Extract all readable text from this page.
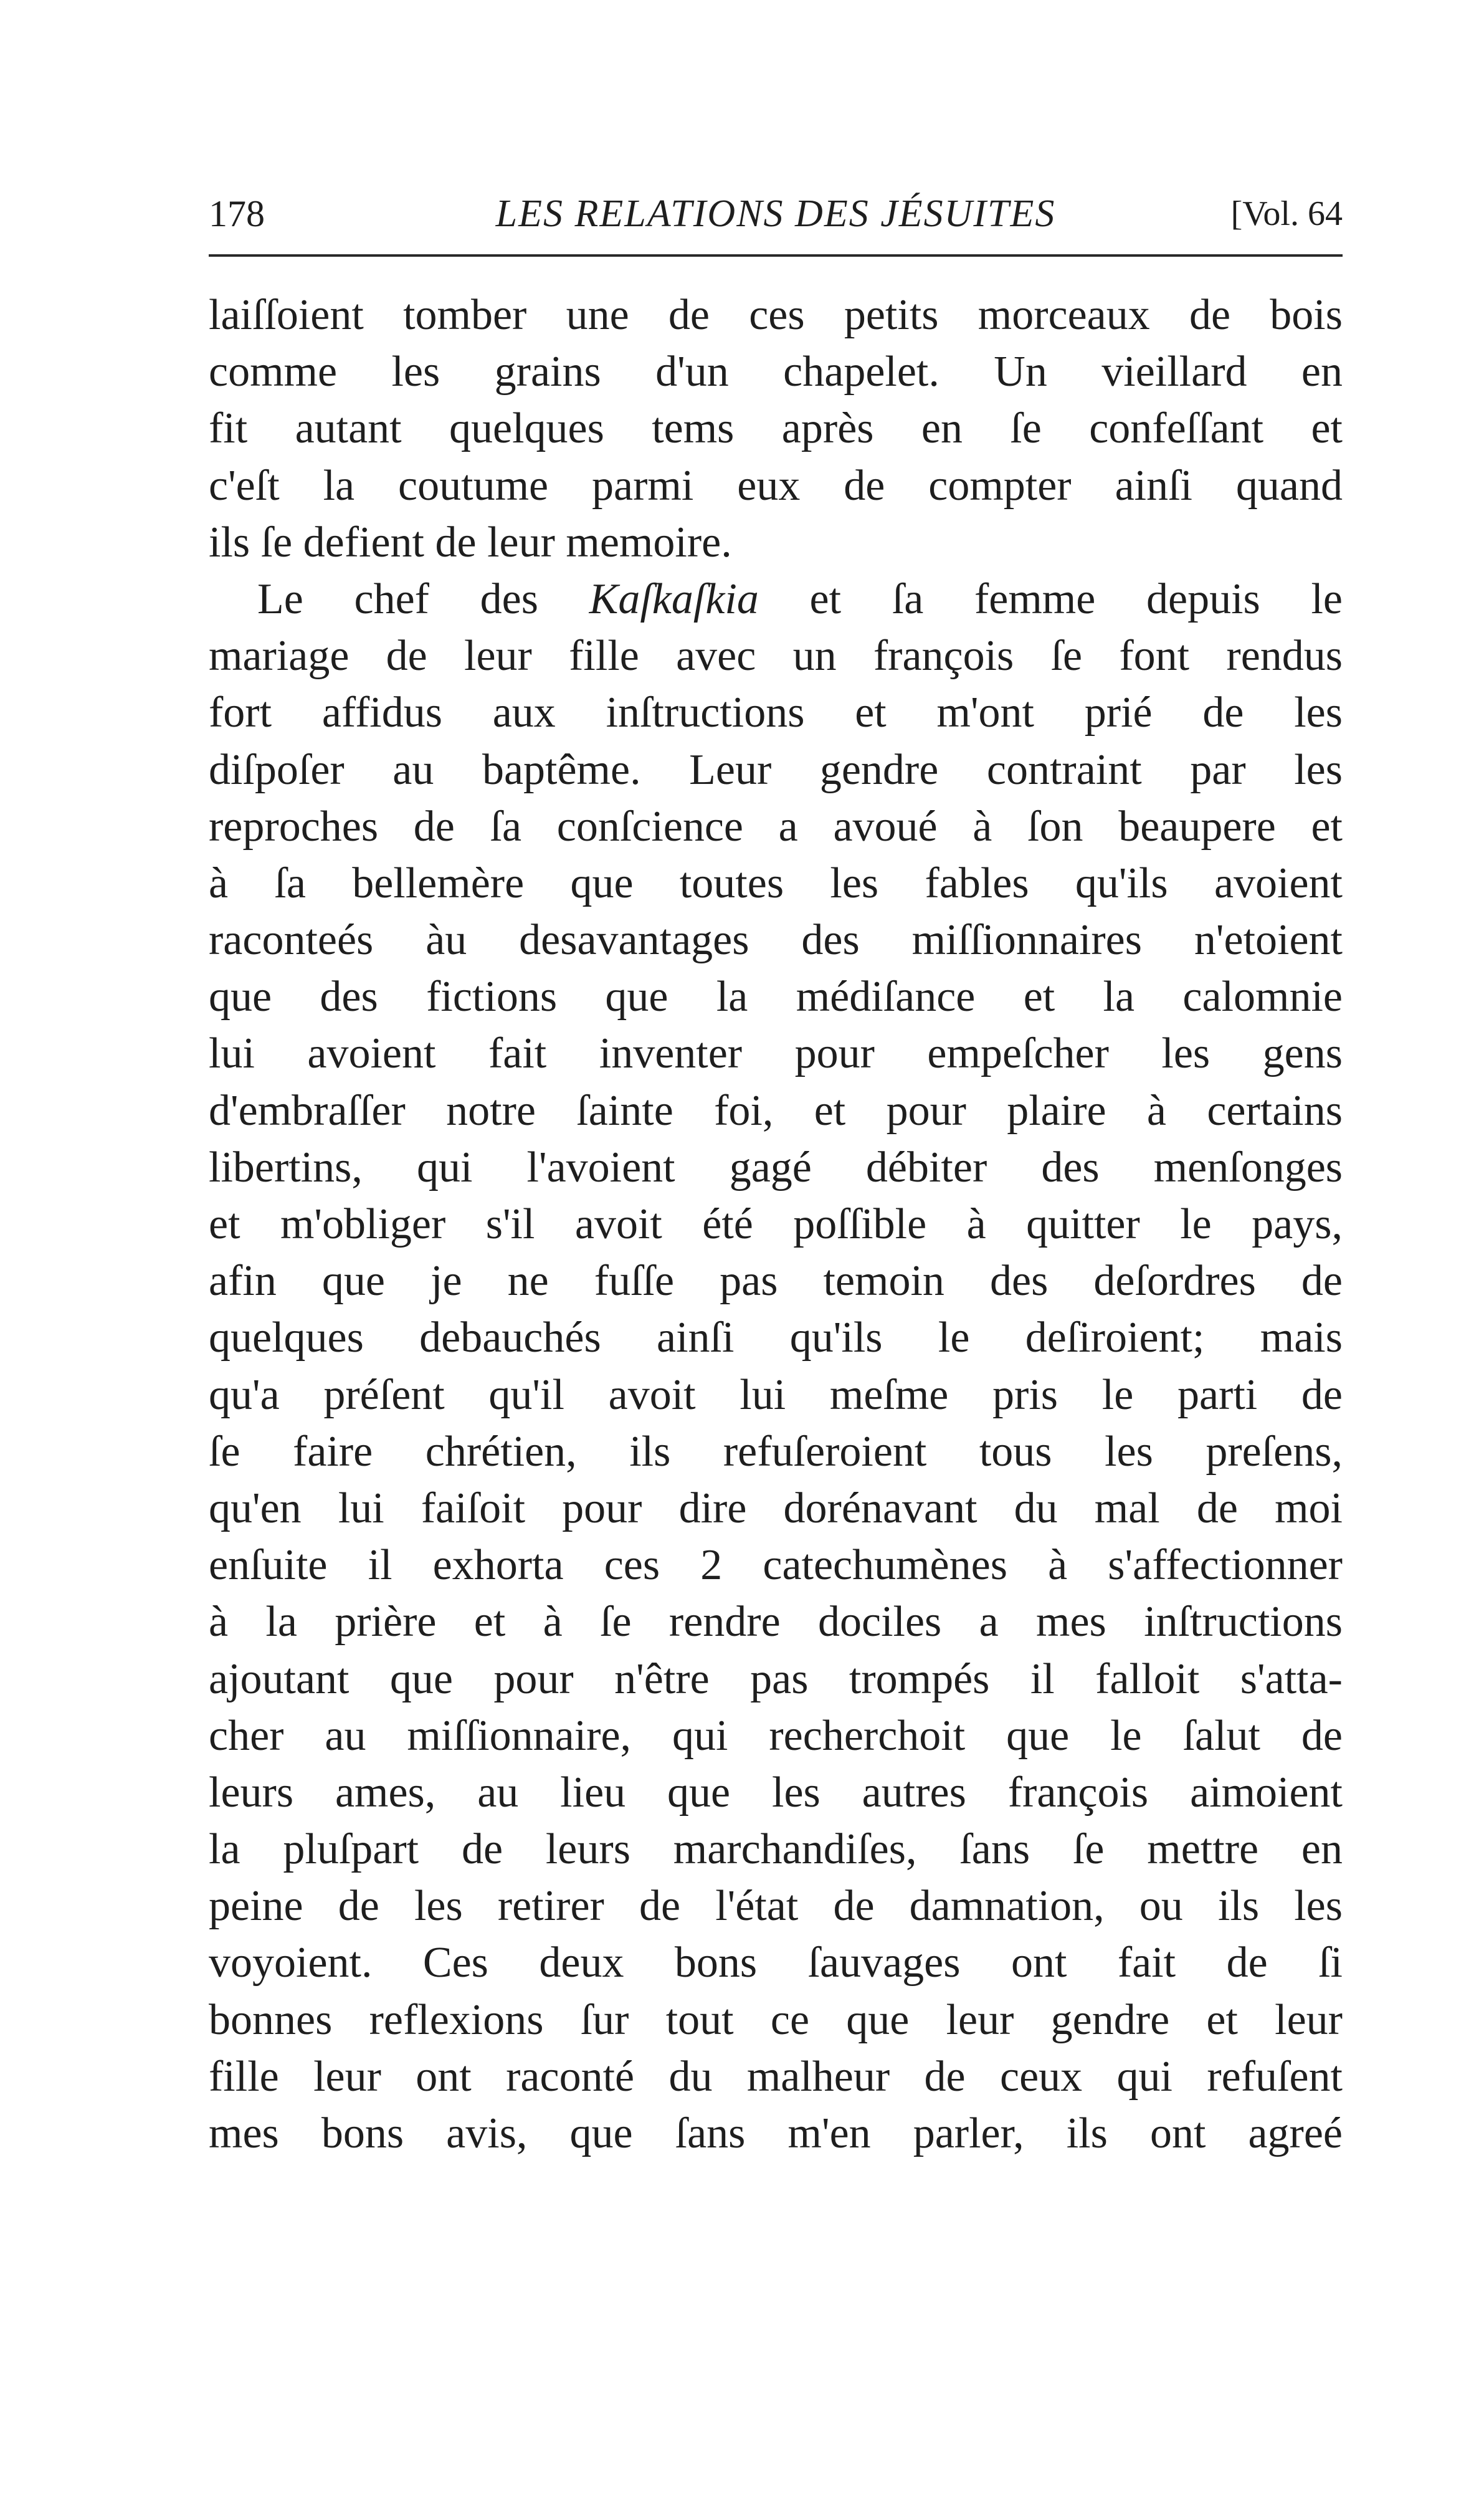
178	LES RELATIONS DES JÉSUITES	[Vol. 64
laiſſoient tomber une de ces petits morceaux de bois
comme les grains d'un chapelet. Un vieillard en
fit autant quelques tems après en ſe confeſſant et
c'eſt la coutume parmi eux de compter ainſi quand
ils ſe defient de leur memoire.
Le chef des Kaſkaſkia et ſa femme depuis le
mariage de leur fille avec un françois ſe font rendus
fort affidus aux inſtructions et m'ont prié de les
diſpoſer au baptême. Leur gendre contraint par les
reproches de ſa conſcience a avoué à ſon beaupere et
à ſa bellemère que toutes les fables qu'ils avoient
raconteés àu desavantages des miſſionnaires n'etoient
que des fictions que la médiſance et la calomnie
lui avoient fait inventer pour empeſcher les gens
d'embraſſer notre ſainte foi, et pour plaire à certains
libertins, qui l'avoient gagé débiter des menſonges
et m'obliger s'il avoit été poſſible à quitter le pays,
afin que je ne fuſſe pas temoin des deſordres de
quelques debauchés ainſi qu'ils le deſiroient; mais
qu'a préſent qu'il avoit lui meſme pris le parti de
ſe faire chrétien, ils refuſeroient tous les preſens,
qu'en lui faiſoit pour dire dorénavant du mal de moi
enſuite il exhorta ces 2 catechumènes à s'affectionner
à la prière et à ſe rendre dociles a mes inſtructions
ajoutant que pour n'être pas trompés il falloit s'atta-
cher au miſſionnaire, qui recherchoit que le ſalut de
leurs ames, au lieu que les autres françois aimoient
la pluſpart de leurs marchandiſes, ſans ſe mettre en
peine de les retirer de l'état de damnation, ou ils les
voyoient. Ces deux bons ſauvages ont fait de ſi
bonnes reflexions ſur tout ce que leur gendre et leur
fille leur ont raconté du malheur de ceux qui refuſent
mes bons avis, que ſans m'en parler, ils ont agreé
